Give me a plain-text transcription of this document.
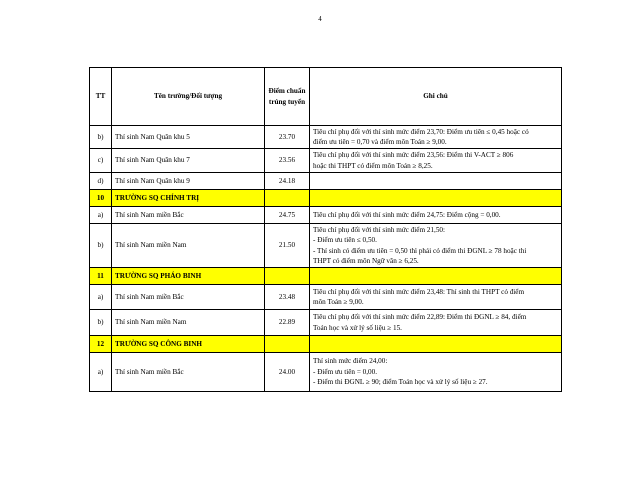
4
TT	Tên trường/Đối tượng	Điểm chuẩn
trúng tuyển	Ghi chú
b)	Thí sinh Nam Quân khu 5	23.70	Tiêu chí phụ đối với thí sinh mức điểm 23,70: Điểm ưu tiên ≤ 0,45 hoặc có
điểm ưu tiên = 0,70 và điểm môn Toán ≥ 9,00.

c)	Thí sinh Nam Quân khu 7	23.56	Tiêu chí phụ đối với thí sinh mức điểm 23,56: Điểm thi V-ACT ≥ 806
hoặc thi THPT có điểm môn Toán ≥ 8,25.

d)	Thí sinh Nam Quân khu 9	24.18	
10	TRƯỜNG SQ CHÍNH TRỊ		
a)	Thí sinh Nam miền Bắc	24.75	Tiêu chí phụ đối với thí sinh mức điểm 24,75: Điểm cộng = 0,00.

b)	Thí sinh Nam miền Nam	21.50	Tiêu chí phụ đối với thí sinh mức điểm 21,50:
- Điểm ưu tiên ≤ 0,50.
- Thí sinh có điểm ưu tiên = 0,50 thì phải có điểm thi ĐGNL ≥ 78 hoặc thi
THPT có điểm môn Ngữ văn ≥ 6,25.

11	TRƯỜNG SQ PHÁO BINH		
a)	Thí sinh Nam miền Bắc	23.48	Tiêu chí phụ đối với thí sinh mức điểm 23,48: Thí sinh thi THPT có điểm
môn Toán ≥ 9,00.

b)	Thí sinh Nam miền Nam	22.89	Tiêu chí phụ đối với thí sinh mức điểm 22,89: Điểm thi ĐGNL ≥ 84, điểm
Toán học và xử lý số liệu ≥ 15.

12	TRƯỜNG SQ CÔNG BINH		
a)	Thí sinh Nam miền Bắc	24.00	Thí sinh mức điểm 24,00:
- Điểm ưu tiên = 0,00.
- Điểm thi ĐGNL ≥ 90; điểm Toán học và xử lý số liệu ≥ 27.
